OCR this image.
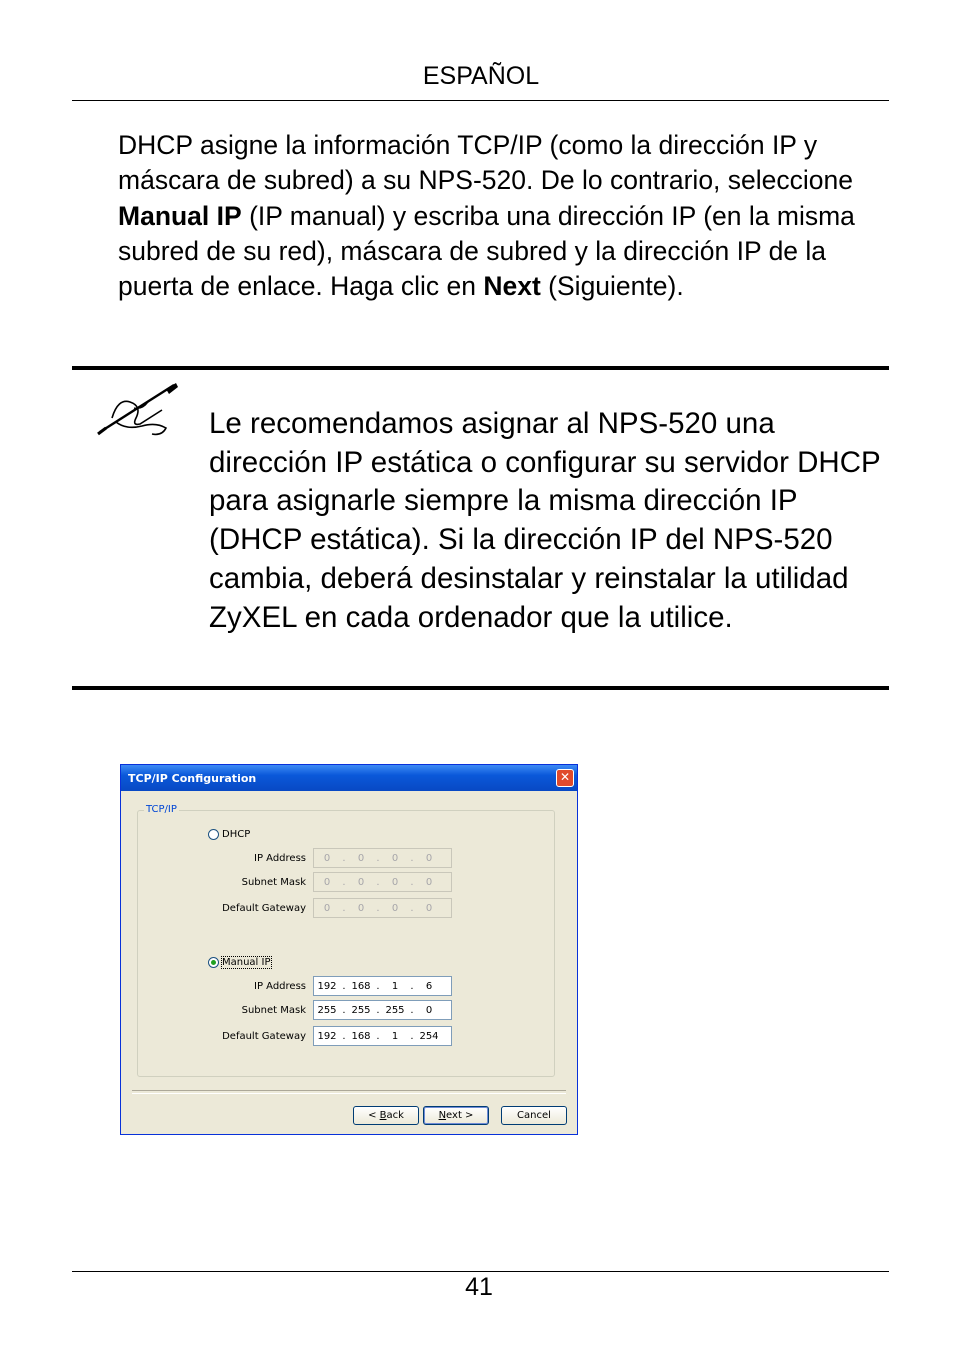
ESPAÑOL

DHCP asigne la información TCP/IP (como la dirección IP y máscara de subred) a su NPS-520. De lo contrario, seleccione Manual IP (IP manual) y escriba una dirección IP (en la misma subred de su red), máscara de subred y la dirección IP de la puerta de enlace. Haga clic en Next (Siguiente).

Le recomendamos asignar al NPS-520 una dirección IP estática o configurar su servidor DHCP para asignarle siempre la misma dirección IP (DHCP estática). Si la dirección IP del NPS-520 cambia, deberá desinstalar y reinstalar la utilidad ZyXEL en cada ordenador que la utilice.

TCP/IP Configuration	✕
TCP/IP
DHCP
IP Address	0	.	0	.	0	.	0
Subnet Mask	0	.	0	.	0	.	0
Default Gateway	0	.	0	.	0	.	0
Manual IP
IP Address	192 . 168 .	1	.	6
Subnet Mask	255 . 255 . 255 .	0
Default Gateway	192 . 168 .	1	. 254
< Back	Next >	Cancel
41
